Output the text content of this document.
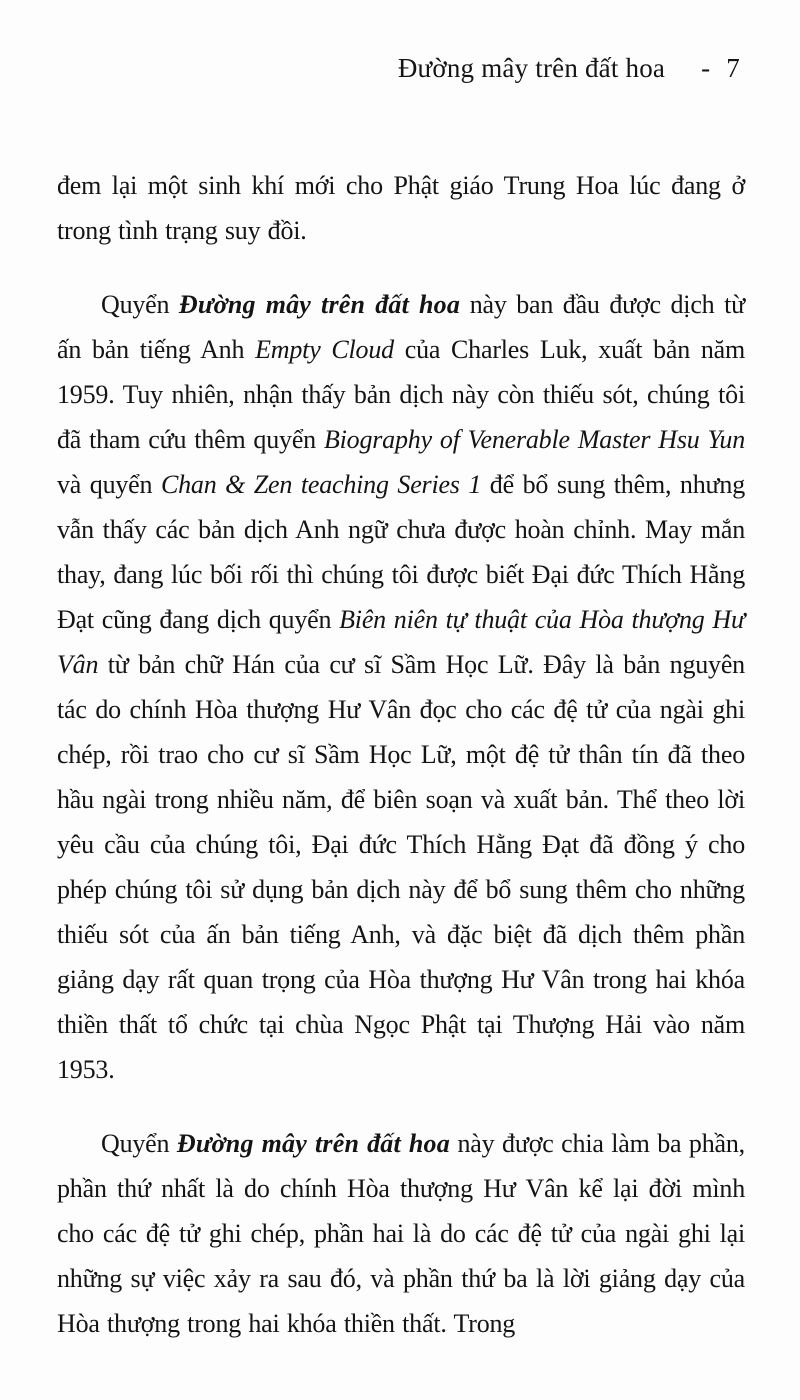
Đường mây trên đất hoa - 7

đem lại một sinh khí mới cho Phật giáo Trung Hoa lúc đang ở trong tình trạng suy đồi.

Quyển Đường mây trên đất hoa này ban đầu được dịch từ ấn bản tiếng Anh Empty Cloud của Charles Luk, xuất bản năm 1959. Tuy nhiên, nhận thấy bản dịch này còn thiếu sót, chúng tôi đã tham cứu thêm quyển Biography of Venerable Master Hsu Yun và quyển Chan & Zen teaching Series 1 để bổ sung thêm, nhưng vẫn thấy các bản dịch Anh ngữ chưa được hoàn chỉnh. May mắn thay, đang lúc bối rối thì chúng tôi được biết Đại đức Thích Hằng Đạt cũng đang dịch quyển Biên niên tự thuật của Hòa thượng Hư Vân từ bản chữ Hán của cư sĩ Sầm Học Lữ. Đây là bản nguyên tác do chính Hòa thượng Hư Vân đọc cho các đệ tử của ngài ghi chép, rồi trao cho cư sĩ Sầm Học Lữ, một đệ tử thân tín đã theo hầu ngài trong nhiều năm, để biên soạn và xuất bản. Thể theo lời yêu cầu của chúng tôi, Đại đức Thích Hằng Đạt đã đồng ý cho phép chúng tôi sử dụng bản dịch này để bổ sung thêm cho những thiếu sót của ấn bản tiếng Anh, và đặc biệt đã dịch thêm phần giảng dạy rất quan trọng của Hòa thượng Hư Vân trong hai khóa thiền thất tổ chức tại chùa Ngọc Phật tại Thượng Hải vào năm 1953.

Quyển Đường mây trên đất hoa này được chia làm ba phần, phần thứ nhất là do chính Hòa thượng Hư Vân kể lại đời mình cho các đệ tử ghi chép, phần hai là do các đệ tử của ngài ghi lại những sự việc xảy ra sau đó, và phần thứ ba là lời giảng dạy của Hòa thượng trong hai khóa thiền thất. Trong
